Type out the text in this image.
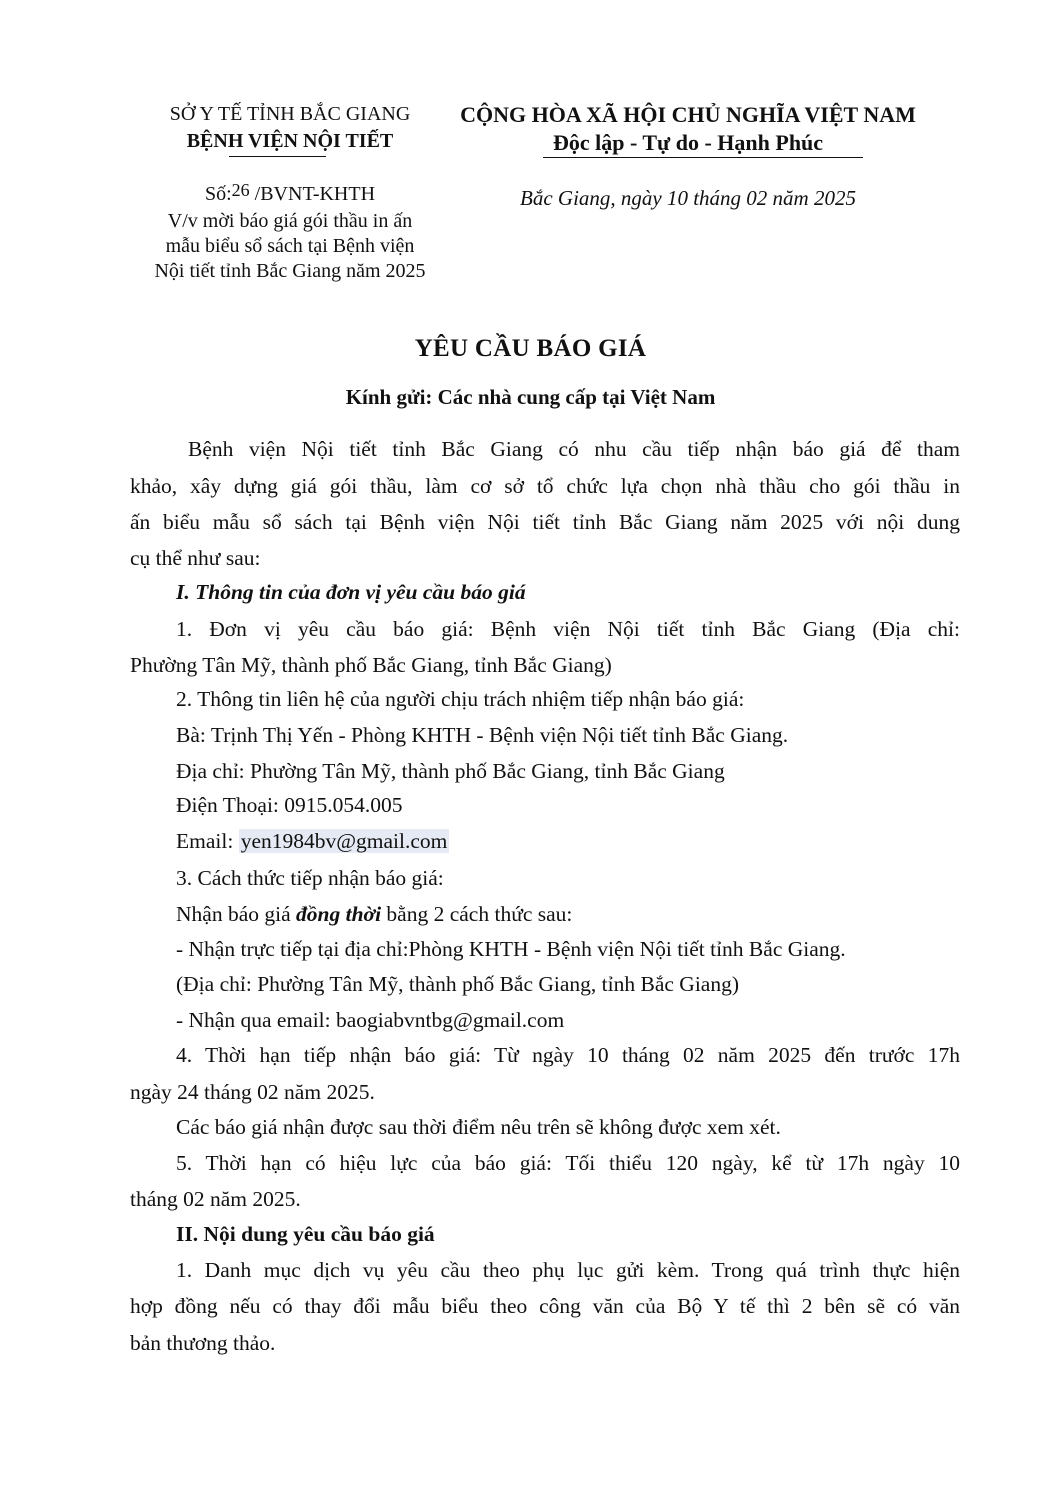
SỞ Y TẾ TỈNH BẮC GIANG
BỆNH VIỆN NỘI TIẾT
Số:26 /BVNT-KHTH
V/v mời báo giá gói thầu in ấn
mẫu biểu sổ sách tại Bệnh viện
Nội tiết tỉnh Bắc Giang năm 2025
CỘNG HÒA XÃ HỘI CHỦ NGHĨA VIỆT NAM
Độc lập - Tự do - Hạnh Phúc
Bắc Giang, ngày 10 tháng 02 năm 2025
YÊU CẦU BÁO GIÁ
Kính gửi: Các nhà cung cấp tại Việt Nam
Bệnh viện Nội tiết tỉnh Bắc Giang có nhu cầu tiếp nhận báo giá để tham
khảo, xây dựng giá gói thầu, làm cơ sở tổ chức lựa chọn nhà thầu cho gói thầu in
ấn biểu mẫu sổ sách tại Bệnh viện Nội tiết tỉnh Bắc Giang năm 2025 với nội dung
cụ thể như sau:
I. Thông tin của đơn vị yêu cầu báo giá
1. Đơn vị yêu cầu báo giá: Bệnh viện Nội tiết tỉnh Bắc Giang (Địa chỉ:
Phường Tân Mỹ, thành phố Bắc Giang, tỉnh Bắc Giang)
2. Thông tin liên hệ của người chịu trách nhiệm tiếp nhận báo giá:
Bà: Trịnh Thị Yến - Phòng KHTH - Bệnh viện Nội tiết tỉnh Bắc Giang.
Địa chỉ: Phường Tân Mỹ, thành phố Bắc Giang, tỉnh Bắc Giang
Điện Thoại: 0915.054.005
Email: yen1984bv@gmail.com
3. Cách thức tiếp nhận báo giá:
Nhận báo giá đồng thời bằng 2 cách thức sau:
- Nhận trực tiếp tại địa chỉ:Phòng KHTH - Bệnh viện Nội tiết tỉnh Bắc Giang.
(Địa chỉ: Phường Tân Mỹ, thành phố Bắc Giang, tỉnh Bắc Giang)
- Nhận qua email: baogiabvntbg@gmail.com
4. Thời hạn tiếp nhận báo giá: Từ ngày 10 tháng 02 năm 2025 đến trước 17h
ngày 24 tháng 02 năm 2025.
Các báo giá nhận được sau thời điểm nêu trên sẽ không được xem xét.
5. Thời hạn có hiệu lực của báo giá: Tối thiểu 120 ngày, kể từ 17h ngày 10
tháng 02 năm 2025.
II. Nội dung yêu cầu báo giá
1. Danh mục dịch vụ yêu cầu theo phụ lục gửi kèm. Trong quá trình thực hiện
hợp đồng nếu có thay đổi mẫu biểu theo công văn của Bộ Y tế thì 2 bên sẽ có văn
bản thương thảo.
